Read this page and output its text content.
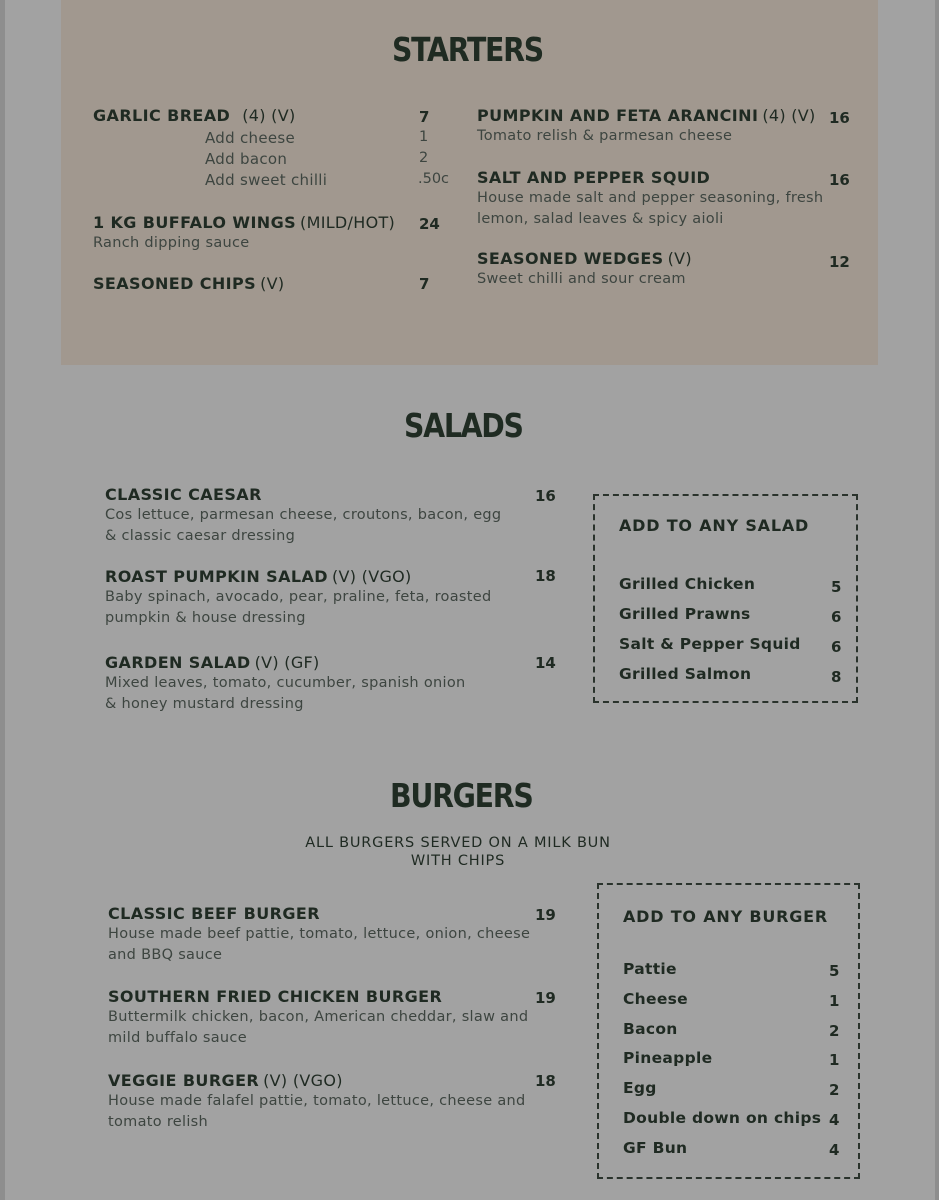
STARTERS
GARLIC BREAD (4) (V)	7
Add cheese	1
Add bacon	2
Add sweet chilli	.50c
1 KG BUFFALO WINGS (MILD/HOT)
Ranch dipping sauce
24
SEASONED CHIPS (V)	7
PUMPKIN AND FETA ARANCINI (4) (V)
Tomato relish & parmesan cheese
16
SALT AND PEPPER SQUID
House made salt and pepper seasoning, fresh
lemon, salad leaves & spicy aioli
16
SEASONED WEDGES (V)
Sweet chilli and sour cream
12
SALADS
CLASSIC CAESAR
Cos lettuce, parmesan cheese, croutons, bacon, egg
& classic caesar dressing
16
ROAST PUMPKIN SALAD (V) (VGO)
Baby spinach, avocado, pear, praline, feta, roasted
pumpkin & house dressing
18
GARDEN SALAD (V) (GF)
Mixed leaves, tomato, cucumber, spanish onion
& honey mustard dressing
14
ADD TO ANY SALAD
Grilled Chicken	5
Grilled Prawns	6
Salt & Pepper Squid 6
Grilled Salmon	8
BURGERS
ALL BURGERS SERVED ON A MILK BUN
WITH CHIPS
CLASSIC BEEF BURGER
House made beef pattie, tomato, lettuce, onion, cheese
and BBQ sauce
19
SOUTHERN FRIED CHICKEN BURGER
Buttermilk chicken, bacon, American cheddar, slaw and
mild buffalo sauce
19
VEGGIE BURGER (V) (VGO)
House made falafel pattie, tomato, lettuce, cheese and
tomato relish
18
ADD TO ANY BURGER
Pattie	5
Cheese	1
Bacon	2
Pineapple	1
Egg	2
Double down on chips 4
GF Bun	4
